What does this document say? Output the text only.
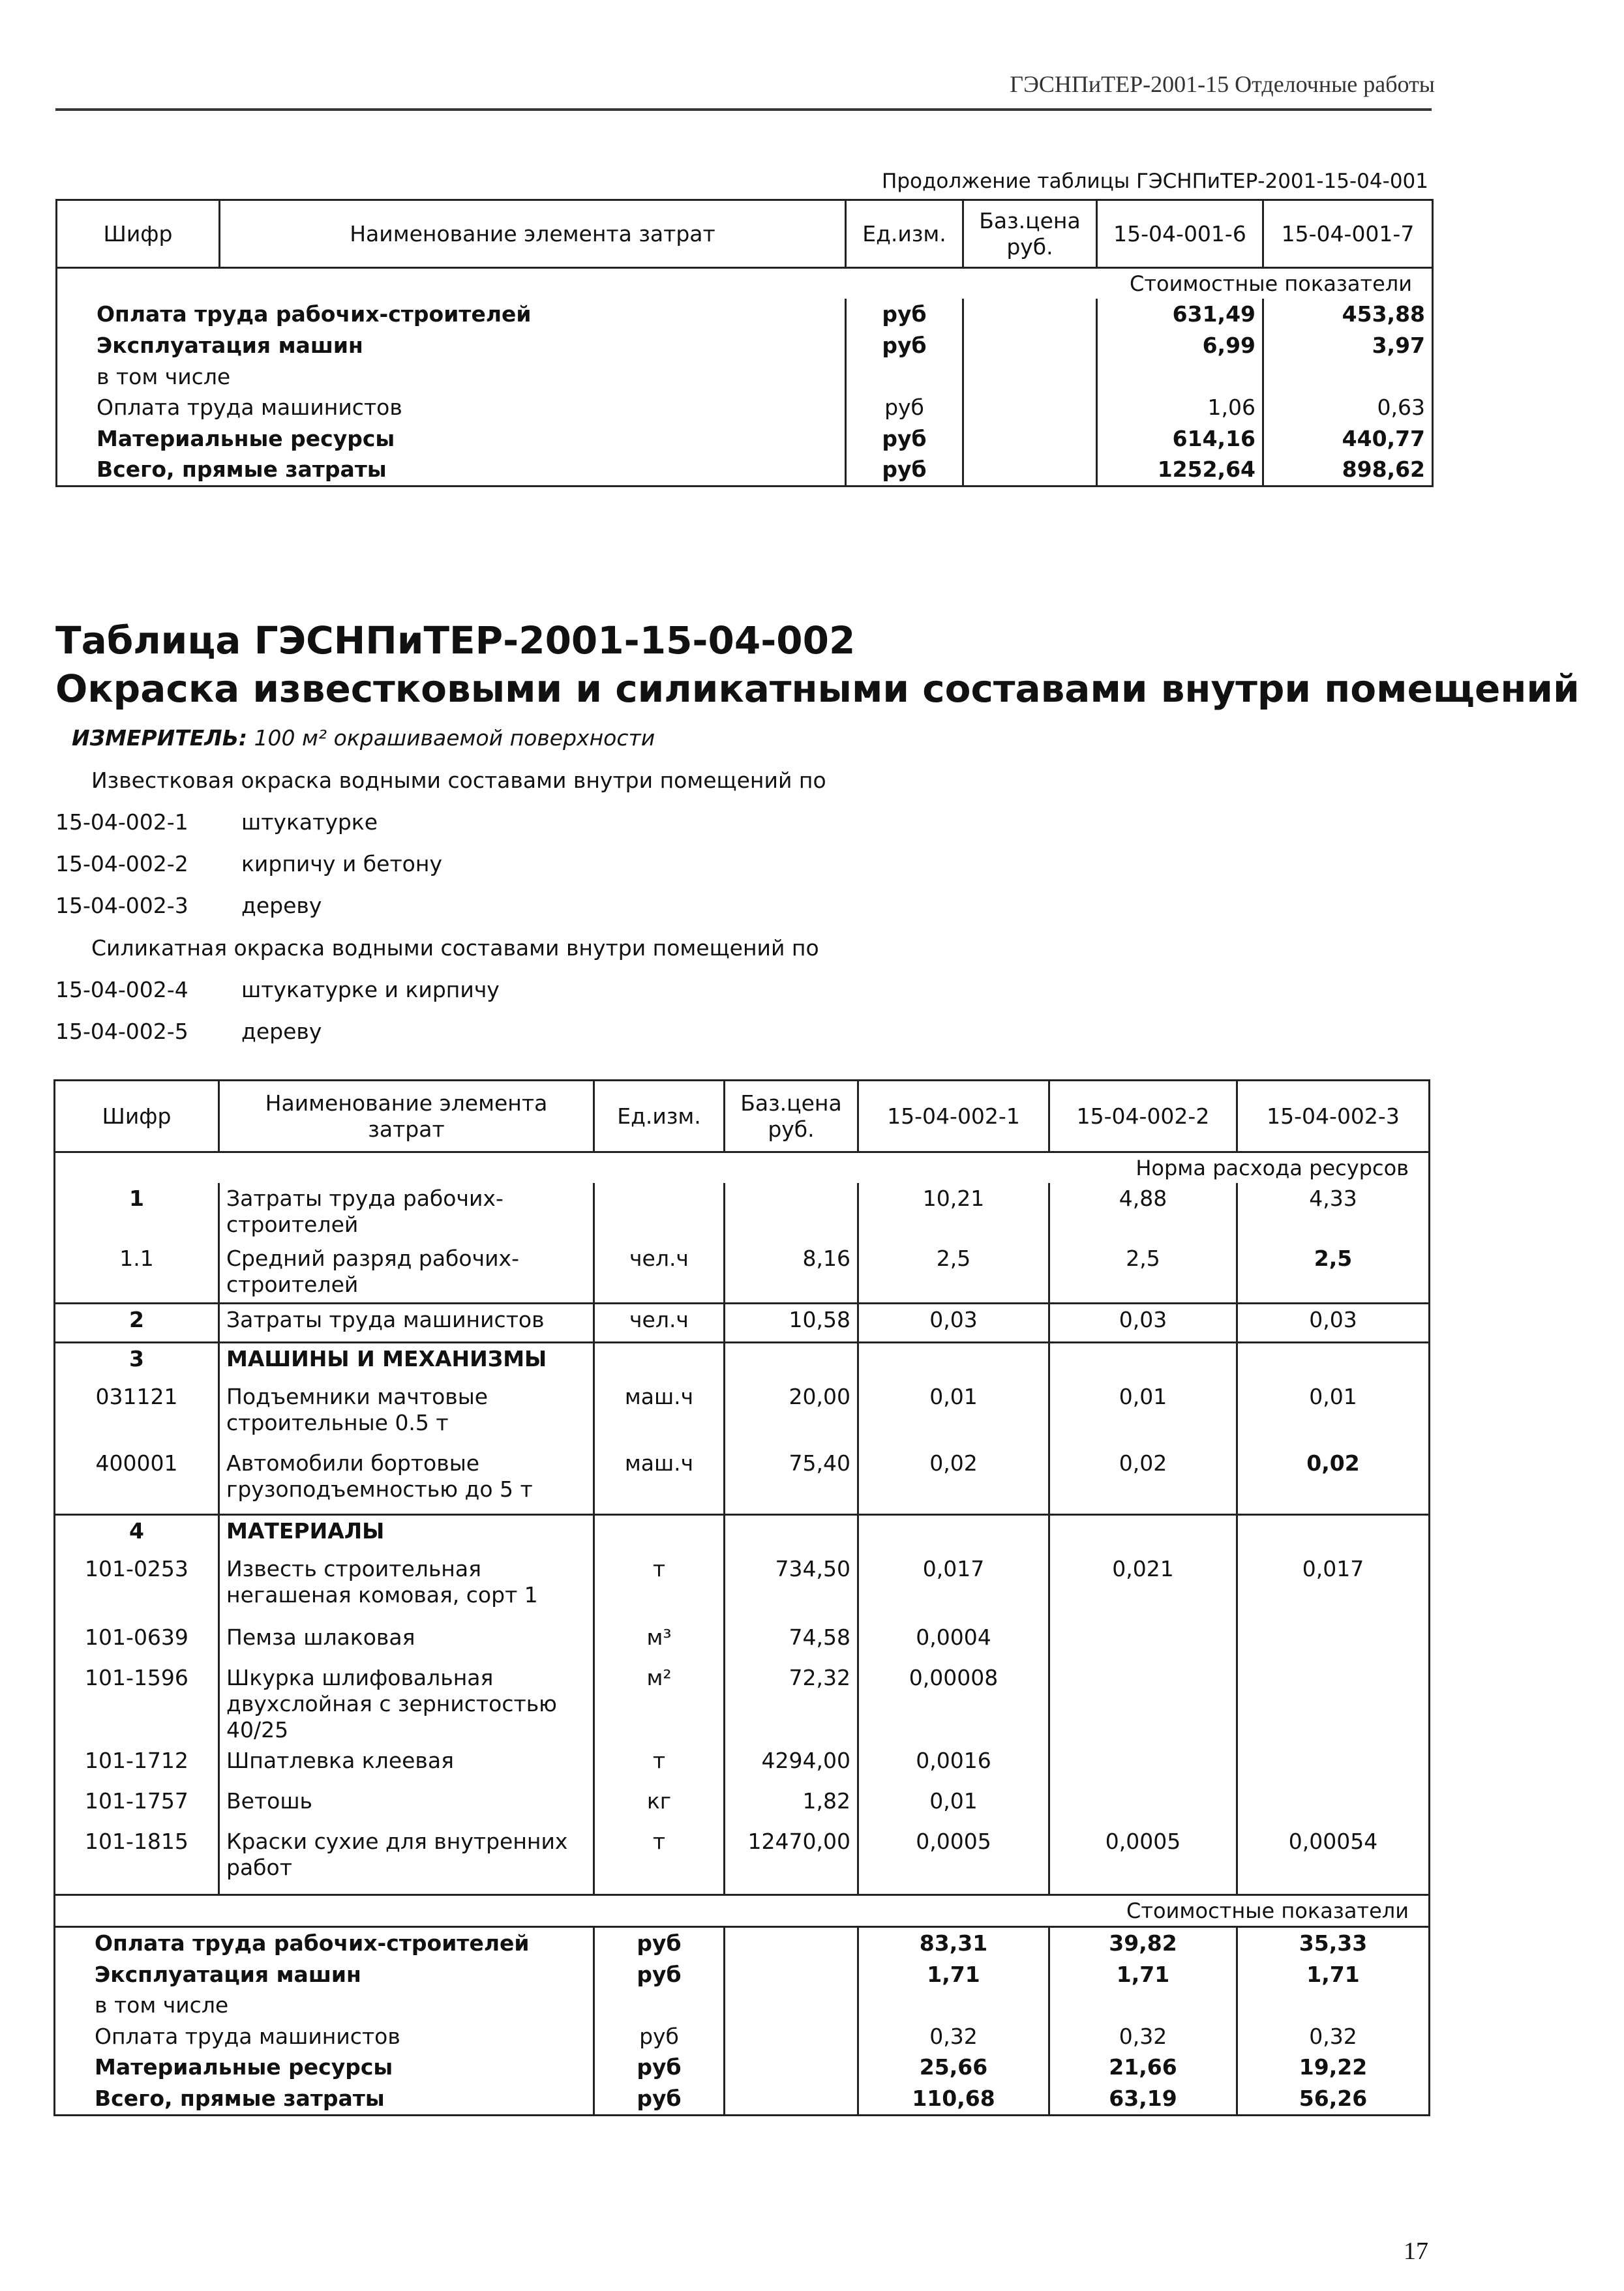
ГЭСНПиТЕР-2001-15 Отделочные работы
Продолжение таблицы ГЭСНПиТЕР-2001-15-04-001
Шифр	Наименование элемента затрат	Ед.изм.	Баз.цена руб.	15-04-001-6	15-04-001-7
Стоимостные показатели					
Оплата труда рабочих-строителей		руб		631,49	453,88
Эксплуатация машин		руб		6,99	3,97
в том числе					
Оплата труда машинистов		руб		1,06	0,63
Материальные ресурсы		руб		614,16	440,77
Всего, прямые затраты		руб		1252,64	898,62
Таблица ГЭСНПиТЕР-2001-15-04-002
Окраска известковыми и силикатными составами внутри помещений
ИЗМЕРИТЕЛЬ: 100 м² окрашиваемой поверхности
Известковая окраска водными составами внутри помещений по
15-04-002-1 штукатурке
15-04-002-2 кирпичу и бетону
15-04-002-3 дереву
Силикатная окраска водными составами внутри помещений по
15-04-002-4 штукатурке и кирпичу
15-04-002-5 дереву
Шифр	Наименование элемента затрат	Ед.изм.	Баз.цена руб.	15-04-002-1	15-04-002-2	15-04-002-3
Норма расхода ресурсов						
1	Затраты труда рабочих-строителей			10,21	4,88	4,33
1.1	Средний разряд рабочих-строителей	чел.ч	8,16	2,5	2,5	2,5
2	Затраты труда машинистов	чел.ч	10,58	0,03	0,03	0,03
3	МАШИНЫ И МЕХАНИЗМЫ					
031121	Подъемники мачтовые строительные 0.5 т	маш.ч	20,00	0,01	0,01	0,01
400001	Автомобили бортовые грузоподъемностью до 5 т	маш.ч	75,40	0,02	0,02	0,02
4	МАТЕРИАЛЫ					
101-0253	Известь строительная негашеная комовая, сорт 1	т	734,50	0,017	0,021	0,017
101-0639	Пемза шлаковая	м³	74,58	0,0004		
101-1596	Шкурка шлифовальная двухслойная с зернистостью 40/25	м²	72,32	0,00008		
101-1712	Шпатлевка клеевая	т	4294,00	0,0016		
101-1757	Ветошь	кг	1,82	0,01		
101-1815	Краски сухие для внутренних работ	т	12470,00	0,0005	0,0005	0,00054
Стоимостные показатели						
Оплата труда рабочих-строителей		руб		83,31	39,82	35,33
Эксплуатация машин		руб		1,71	1,71	1,71
в том числе						
Оплата труда машинистов		руб		0,32	0,32	0,32
Материальные ресурсы		руб		25,66	21,66	19,22
Всего, прямые затраты		руб		110,68	63,19	56,26
17
